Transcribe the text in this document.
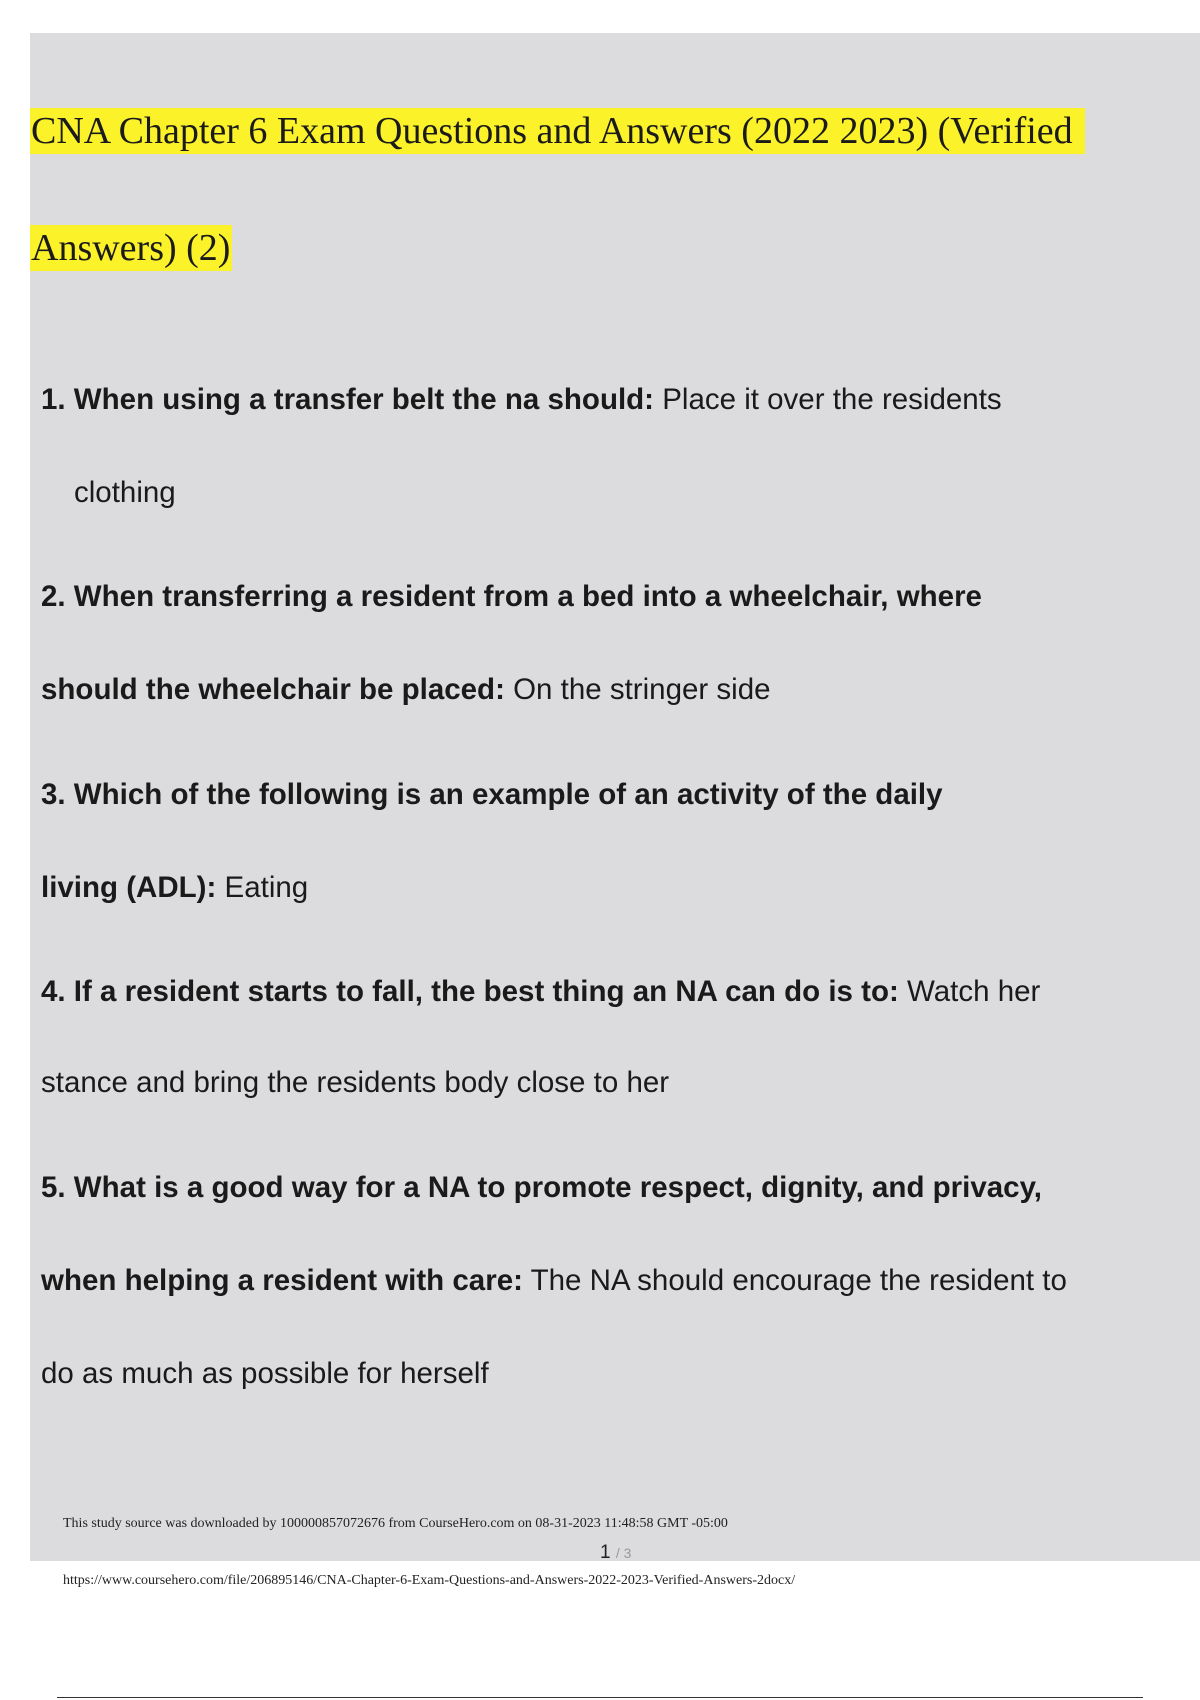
CNA Chapter 6 Exam Questions and Answers (2022 2023) (Verified
Answers) (2)
1. When using a transfer belt the na should: Place it over the residents
clothing
2. When transferring a resident from a bed into a wheelchair, where
should the wheelchair be placed: On the stringer side
3. Which of the following is an example of an activity of the daily
living (ADL): Eating
4. If a resident starts to fall, the best thing an NA can do is to: Watch her
stance and bring the residents body close to her
5. What is a good way for a NA to promote respect, dignity, and privacy,
when helping a resident with care: The NA should encourage the resident to
do as much as possible for herself
This study source was downloaded by 100000857072676 from CourseHero.com on 08-31-2023 11:48:58 GMT -05:00
1 / 3
https://www.coursehero.com/file/206895146/CNA-Chapter-6-Exam-Questions-and-Answers-2022-2023-Verified-Answers-2docx/
